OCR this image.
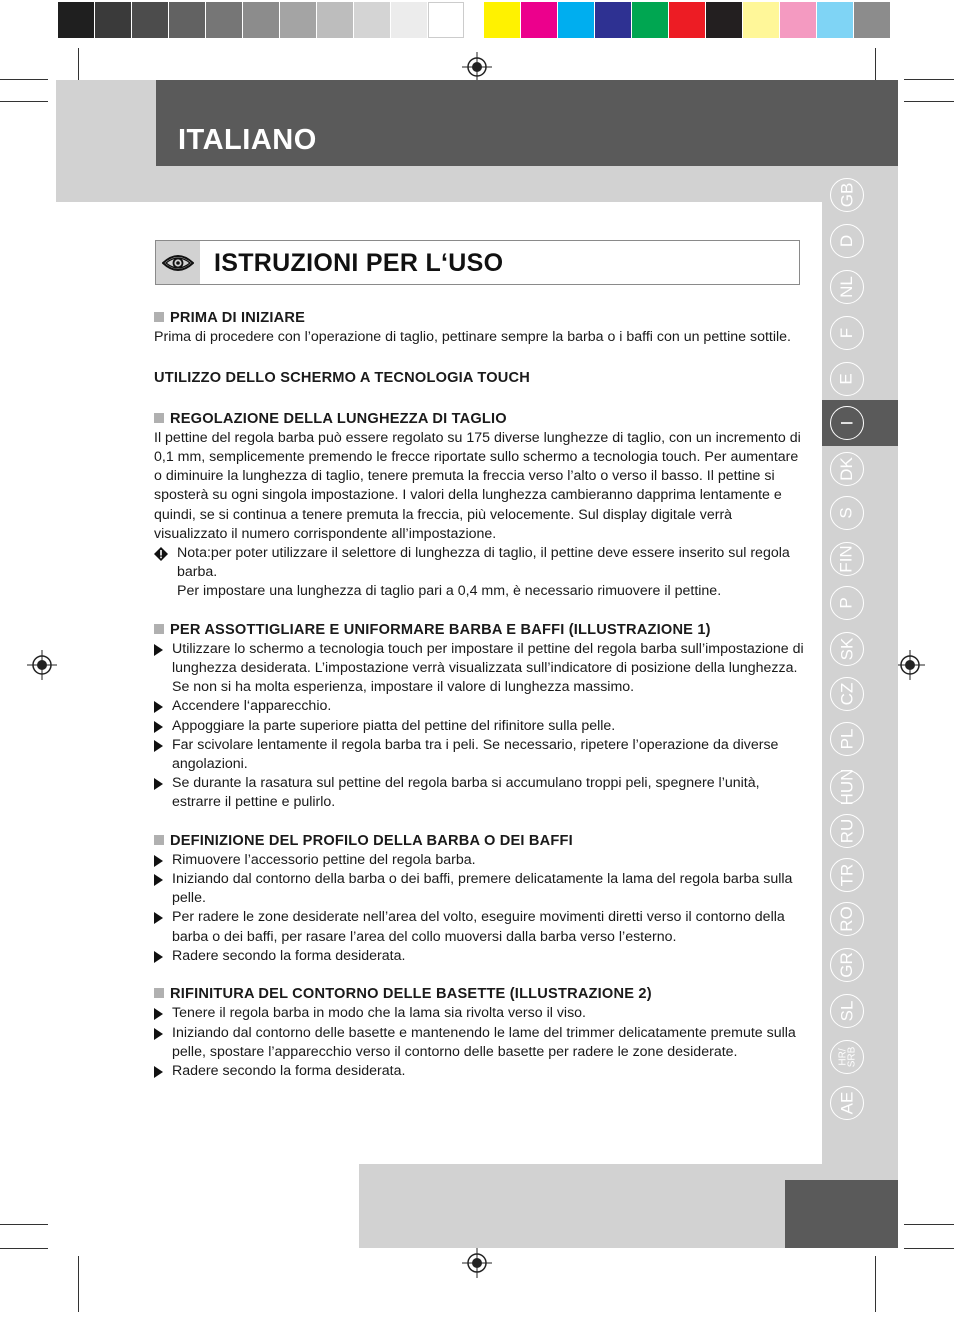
ITALIANO
GB
D
NL
F
E
I
DK
S
FIN
P
SK
CZ
PL
HUN
RU
TR
RO
GR
SL
HR/
SRB
AE
ISTRUZIONI PER L‘USO
PRIMA DI INIZIARE

Prima di procedere con l’operazione di taglio, pettinare sempre la barba o i baffi con un pettine sottile.

UTILIZZO DELLO SCHERMO A TECNOLOGIA TOUCH
REGOLAZIONE DELLA LUNGHEZZA DI TAGLIO

Il pettine del regola barba può essere regolato su 175 diverse lunghezze di taglio, con un incremento di 0,1 mm, semplicemente premendo le frecce riportate sullo schermo a tecnologia touch. Per aumentare o diminuire la lunghezza di taglio, tenere premuta la freccia verso l’alto o verso il basso. Il pettine si sposterà su ogni singola impostazione. I valori della lunghezza cambieranno dapprima lentamente e quindi, se si continua a tenere premuta la freccia, più velocemente. Sul display digitale verrà visualizzato il numero corrispondente all’impostazione.

Nota:per poter utilizzare il selettore di lunghezza di taglio, il pettine deve essere inserito sul regola barba.

Per impostare una lunghezza di taglio pari a 0,4 mm, è necessario rimuovere il pettine.

PER ASSOTTIGLIARE E UNIFORMARE BARBA E BAFFI (ILLUSTRAZIONE 1)
Utilizzare lo schermo a tecnologia touch per impostare il pettine del regola barba sull’impostazione di lunghezza desiderata. L’impostazione verrà visualizzata sull’indicatore di posizione della lunghezza. Se non si ha molta esperienza, impostare il valore di lunghezza massimo.
Accendere l‘apparecchio.
Appoggiare la parte superiore piatta del pettine del rifinitore sulla pelle.
Far scivolare lentamente il regola barba tra i peli. Se necessario, ripetere l’operazione da diverse angolazioni.
Se durante la rasatura sul pettine del regola barba si accumulano troppi peli, spegnere l’unità, estrarre il pettine e pulirlo.
DEFINIZIONE DEL PROFILO DELLA BARBA O DEI BAFFI
Rimuovere l’accessorio pettine del regola barba.
Iniziando dal contorno della barba o dei baffi, premere delicatamente la lama del regola barba sulla pelle.
Per radere le zone desiderate nell’area del volto, eseguire movimenti diretti verso il contorno della barba o dei baffi, per rasare l’area del collo muoversi dalla barba verso l’esterno.
Radere secondo la forma desiderata.
RIFINITURA DEL CONTORNO DELLE BASETTE (ILLUSTRAZIONE 2)
Tenere il regola barba in modo che la lama sia rivolta verso il viso.
Iniziando dal contorno delle basette e mantenendo le lame del trimmer delicatamente premute sulla pelle, spostare l’apparecchio verso il contorno delle basette per radere le zone desiderate.
Radere secondo la forma desiderata.
